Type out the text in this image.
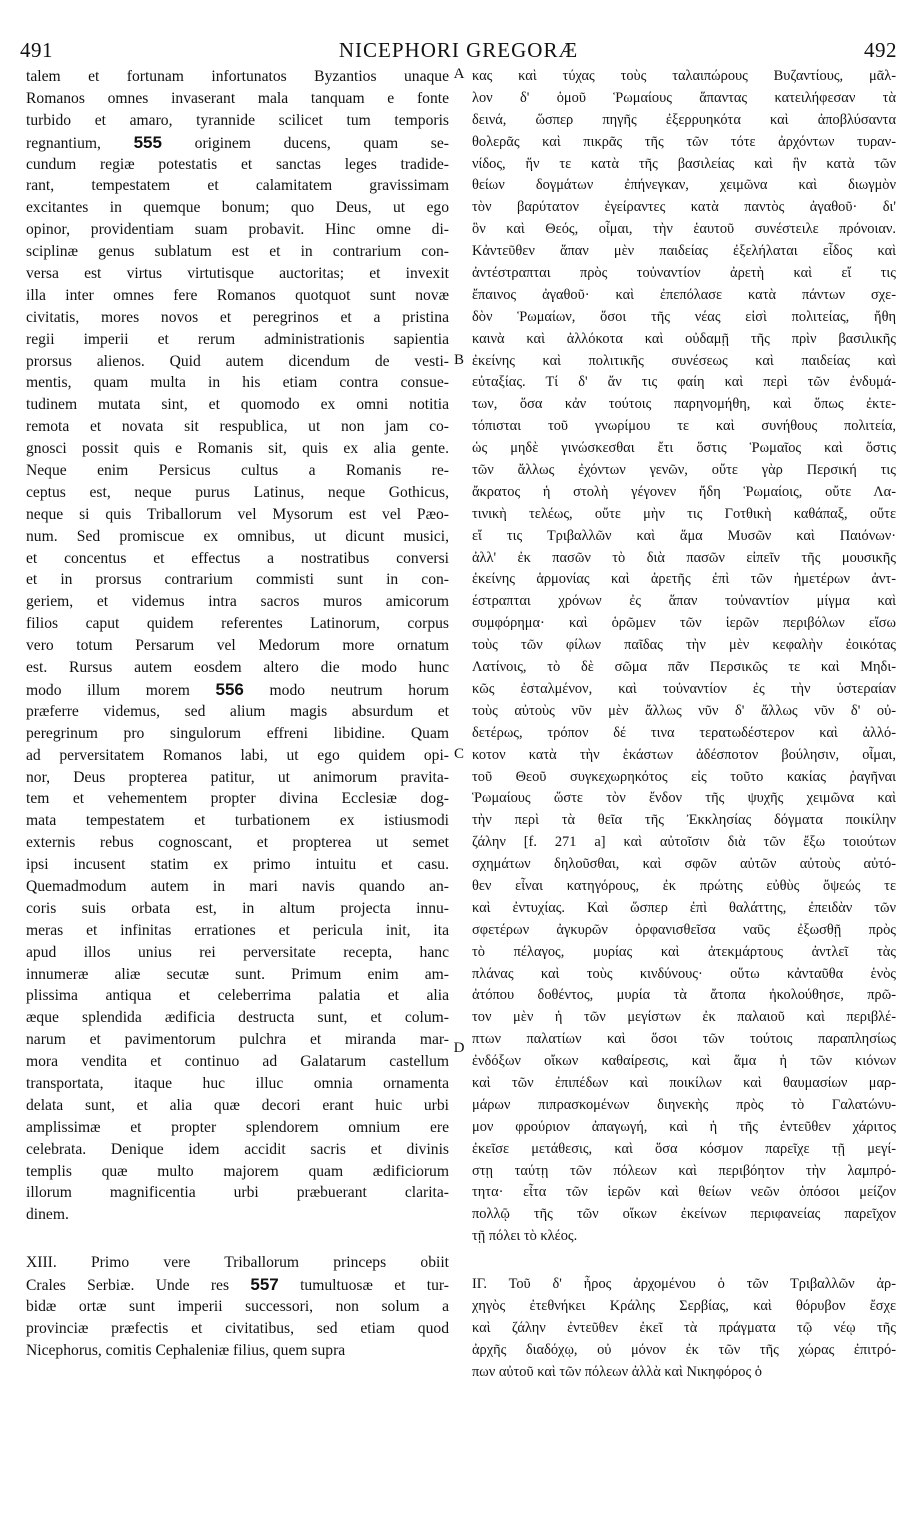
491	NICEPHORI GREGORÆ	492
talem et fortunam infortunatos Byzantios unaque
Romanos omnes invaserant mala tanquam e fonte
turbido et amaro, tyrannide scilicet tum temporis
regnantium, 555 originem ducens, quam se-
cundum regiæ potestatis et sanctas leges tradide-
rant, tempestatem et calamitatem gravissimam
excitantes in quemque bonum; quo Deus, ut ego
opinor, providentiam suam probavit. Hinc omne di-
sciplinæ genus sublatum est et in contrarium con-
versa est virtus virtutisque auctoritas; et invexit
illa inter omnes fere Romanos quotquot sunt novæ
civitatis, mores novos et peregrinos et a pristina
regii imperii et rerum administrationis sapientia
prorsus alienos. Quid autem dicendum de vesti-
mentis, quam multa in his etiam contra consue-
tudinem mutata sint, et quomodo ex omni notitia
remota et novata sit respublica, ut non jam co-
gnosci possit quis e Romanis sit, quis ex alia gente.
Neque enim Persicus cultus a Romanis re-
ceptus est, neque purus Latinus, neque Gothicus,
neque si quis Triballorum vel Mysorum est vel Pæo-
num. Sed promiscue ex omnibus, ut dicunt musici,
et concentus et effectus a nostratibus conversi
et in prorsus contrarium commisti sunt in con-
geriem, et videmus intra sacros muros amicorum
filios caput quidem referentes Latinorum, corpus
vero totum Persarum vel Medorum more ornatum
est. Rursus autem eosdem altero die modo hunc
modo illum morem 556 modo neutrum horum
præferre videmus, sed alium magis absurdum et
peregrinum pro singulorum effreni libidine. Quam
ad perversitatem Romanos labi, ut ego quidem opi-
nor, Deus propterea patitur, ut animorum pravita-
tem et vehementem propter divina Ecclesiæ dog-
mata tempestatem et turbationem ex istiusmodi
externis rebus cognoscant, et propterea ut semet
ipsi incusent statim ex primo intuitu et casu.
Quemadmodum autem in mari navis quando an-
coris suis orbata est, in altum projecta innu-
meras et infinitas errationes et pericula init, ita
apud illos unius rei perversitate recepta, hanc
innumeræ aliæ secutæ sunt. Primum enim am-
plissima antiqua et celeberrima palatia et alia
æque splendida ædificia destructa sunt, et colum-
narum et pavimentorum pulchra et miranda mar-
mora vendita et continuo ad Galatarum castellum
transportata, itaque huc illuc omnia ornamenta
delata sunt, et alia quæ decori erant huic urbi
amplissimæ et propter splendorem omnium ere
celebrata. Denique idem accidit sacris et divinis
templis quæ multo majorem quam ædificiorum
illorum magnificentia urbi præbuerant clarita-
dinem.
XIII. Primo vere Triballorum princeps obiit
Crales Serbiæ. Unde res 557 tumultuosæ et tur-
bidæ ortæ sunt imperii successori, non solum a
provinciæ præfectis et civitatibus, sed etiam quod
Nicephorus, comitis Cephaleniæ filius, quem supra
κας καὶ τύχας τοὺς ταλαιπώρους Βυζαντίους, μᾶλ-
λον δ' ὁμοῦ Ῥωμαίους ἅπαντας κατειλήφεσαν τὰ
δεινά, ὥσπερ πηγῆς ἐξερρυηκότα καὶ ἀποβλύσαντα
θολερᾶς καὶ πικρᾶς τῆς τῶν τότε ἀρχόντων τυραν-
νίδος, ἥν τε κατὰ τῆς βασιλείας καὶ ἣν κατὰ τῶν
θείων δογμάτων ἐπήνεγκαν, χειμῶνα καὶ διωγμὸν
τὸν βαρύτατον ἐγείραντες κατὰ παντὸς ἀγαθοῦ· δι'
ὃν καὶ Θεός, οἶμαι, τὴν ἑαυτοῦ συνέστειλε πρόνοιαν.
Κἀντεῦθεν ἅπαν μὲν παιδείας ἐξελήλαται εἶδος καὶ
ἀντέστραπται πρὸς τοὐναντίον ἀρετὴ καὶ εἴ τις
ἔπαινος ἀγαθοῦ· καὶ ἐπεπόλασε κατὰ πάντων σχε-
δὸν Ῥωμαίων, ὅσοι τῆς νέας εἰσὶ πολιτείας, ἤθη
καινὰ καὶ ἀλλόκοτα καὶ οὐδαμῇ τῆς πρὶν βασιλικῆς
ἐκείνης καὶ πολιτικῆς συνέσεως καὶ παιδείας καὶ
εὐταξίας. Τί δ' ἄν τις φαίη καὶ περὶ τῶν ἐνδυμά-
των, ὅσα κἀν τούτοις παρηνομήθη, καὶ ὅπως ἐκτε-
τόπισται τοῦ γνωρίμου τε καὶ συνήθους πολιτεία,
ὡς μηδὲ γινώσκεσθαι ἔτι ὅστις Ῥωμαῖος καὶ ὅστις
τῶν ἄλλως ἐχόντων γενῶν, οὔτε γὰρ Περσική τις
ἄκρατος ἡ στολὴ γέγονεν ἤδη Ῥωμαίοις, οὔτε Λα-
τινικὴ τελέως, οὔτε μὴν τις Γοτθικὴ καθάπαξ, οὔτε
εἴ τις Τριβαλλῶν καὶ ἅμα Μυσῶν καὶ Παιόνων·
ἀλλ' ἐκ πασῶν τὸ διὰ πασῶν εἰπεῖν τῆς μουσικῆς
ἐκείνης ἁρμονίας καὶ ἀρετῆς ἐπὶ τῶν ἡμετέρων ἀντ-
έστραπται χρόνων ἐς ἅπαν τοὐναντίον μίγμα καὶ
συμφόρημα· καὶ ὁρῶμεν τῶν ἱερῶν περιβόλων εἴσω
τοὺς τῶν φίλων παῖδας τὴν μὲν κεφαλὴν ἐοικότας
Λατίνοις, τὸ δὲ σῶμα πᾶν Περσικῶς τε καὶ Μηδι-
κῶς ἐσταλμένον, καὶ τοὐναντίον ἐς τὴν ὑστεραίαν
τοὺς αὐτοὺς νῦν μὲν ἄλλως νῦν δ' ἄλλως νῦν δ' οὐ-
δετέρως, τρόπον δέ τινα τερατωδέστερον καὶ ἀλλό-
κοτον κατὰ τὴν ἑκάστων ἀδέσποτον βούλησιν, οἶμαι,
τοῦ Θεοῦ συγκεχωρηκότος εἰς τοῦτο κακίας ῥαγῆναι
Ῥωμαίους ὥστε τὸν ἔνδον τῆς ψυχῆς χειμῶνα καὶ
τὴν περὶ τὰ θεῖα τῆς Ἐκκλησίας δόγματα ποικίλην
ζάλην [f. 271 a] καὶ αὐτοῖσιν διὰ τῶν ἔξω τοιούτων
σχημάτων δηλοῦσθαι, καὶ σφῶν αὐτῶν αὐτοὺς αὐτό-
θεν εἶναι κατηγόρους, ἐκ πρώτης εὐθὺς ὄψεώς τε
καὶ ἐντυχίας. Καὶ ὥσπερ ἐπὶ θαλάττης, ἐπειδὰν τῶν
σφετέρων ἀγκυρῶν ὀρφανισθεῖσα ναῦς ἐξωσθῇ πρὸς
τὸ πέλαγος, μυρίας καὶ ἀτεκμάρτους ἀντλεῖ τὰς
πλάνας καὶ τοὺς κινδύνους· οὕτω κἀνταῦθα ἑνὸς
ἀτόπου δοθέντος, μυρία τὰ ἄτοπα ἠκολούθησε, πρῶ-
τον μὲν ἡ τῶν μεγίστων ἐκ παλαιοῦ καὶ περιβλέ-
πτων παλατίων καὶ ὅσοι τῶν τούτοις παραπλησίως
ἐνδόξων οἴκων καθαίρεσις, καὶ ἅμα ἡ τῶν κιόνων
καὶ τῶν ἐπιπέδων καὶ ποικίλων καὶ θαυμασίων μαρ-
μάρων πιπρασκομένων διηνεκὴς πρὸς τὸ Γαλατώνυ-
μον φρούριον ἀπαγωγή, καὶ ἡ τῆς ἐντεῦθεν χάριτος
ἐκεῖσε μετάθεσις, καὶ ὅσα κόσμον παρεῖχε τῇ μεγί-
στῃ ταύτῃ τῶν πόλεων καὶ περιβόητον τὴν λαμπρό-
τητα· εἶτα τῶν ἱερῶν καὶ θείων νεῶν ὁπόσοι μείζον
πολλῷ τῆς τῶν οἴκων ἐκείνων περιφανείας παρεῖχον
τῇ πόλει τὸ κλέος.
ΙΓ. Τοῦ δ' ἦρος ἀρχομένου ὁ τῶν Τριβαλλῶν ἀρ-
χηγὸς ἐτεθνήκει Κράλης Σερβίας, καὶ θόρυβον ἔσχε
καὶ ζάλην ἐντεῦθεν ἐκεῖ τὰ πράγματα τῷ νέῳ τῆς
ἀρχῆς διαδόχῳ, οὐ μόνον ἐκ τῶν τῆς χώρας ἐπιτρό-
πων αὐτοῦ καὶ τῶν πόλεων ἀλλὰ καὶ Νικηφόρος ὁ
A
B
C
D
